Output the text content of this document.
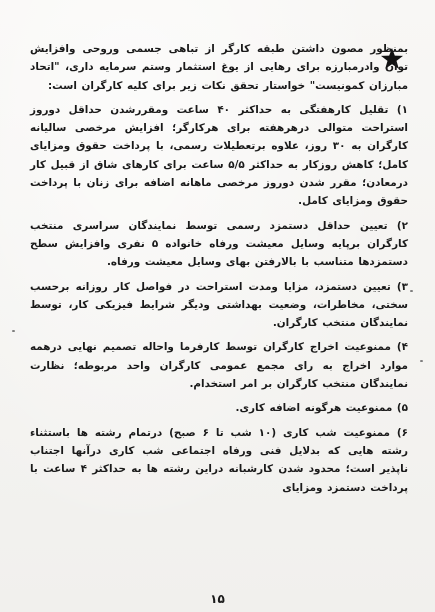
بمنظور مصون داشتن طبقه کارگر از تباهی جسمی وروحی وافزایش توان وادرمبارزه برای رهایی از یوغ استثمار وستم سرمایه داری، "اتحاد مبارزان کمونیست" خواستار تحقق نکات زیر برای کلیه کارگران است:

۱) تقلیل کارهفتگی به حداکثر ۴۰ ساعت ومقررشدن حداقل دوروز استراحت متوالی درهرهفته برای هرکارگر؛ افزایش مرخصی سالیانه کارگران به ۳۰ روز، علاوه برتعطیلات رسمی، با پرداخت حقوق ومزایای کامل؛ کاهش روزکار به حداکثر ۵/۵ ساعت برای کارهای شاق از قبیل کار درمعادن؛ مقرر شدن دوروز مرخصی ماهانه اضافه برای زنان با پرداخت حقوق ومزایای کامل.

۲) تعیین حداقل دستمزد رسمی توسط نمایندگان سراسری منتخب کارگران برپایه وسایل معیشت ورفاه خانواده ۵ نفری وافزایش سطح دستمزدها متناسب با بالارفتن بهای وسایل معیشت ورفاه.

۳) تعیین دستمزد، مزایا ومدت استراحت در فواصل کار روزانه برحسب سختی، مخاطرات، وضعیت بهداشتی ودیگر شرایط فیزیکی کار، توسط نمایندگان منتخب کارگران.

۴) ممنوعیت اخراج کارگران توسط کارفرما واحاله تصمیم نهایی درهمه موارد اخراج به رای مجمع عمومی کارگران واحد مربوطه؛ نظارت نمایندگان منتخب کارگران بر امر استخدام.

۵) ممنوعیت هرگونه اضافه کاری.

۶) ممنوعیت شب کاری (۱۰ شب تا ۶ صبح) درتمام رشته ها باستثناء رشته هایی که بدلایل فنی ورفاه اجتماعی شب کاری درآنها اجتناب ناپذیر است؛ محدود شدن کارشبانه دراین رشته ها به حداکثر ۴ ساعت با پرداخت دستمزد ومزایای

۱۵
